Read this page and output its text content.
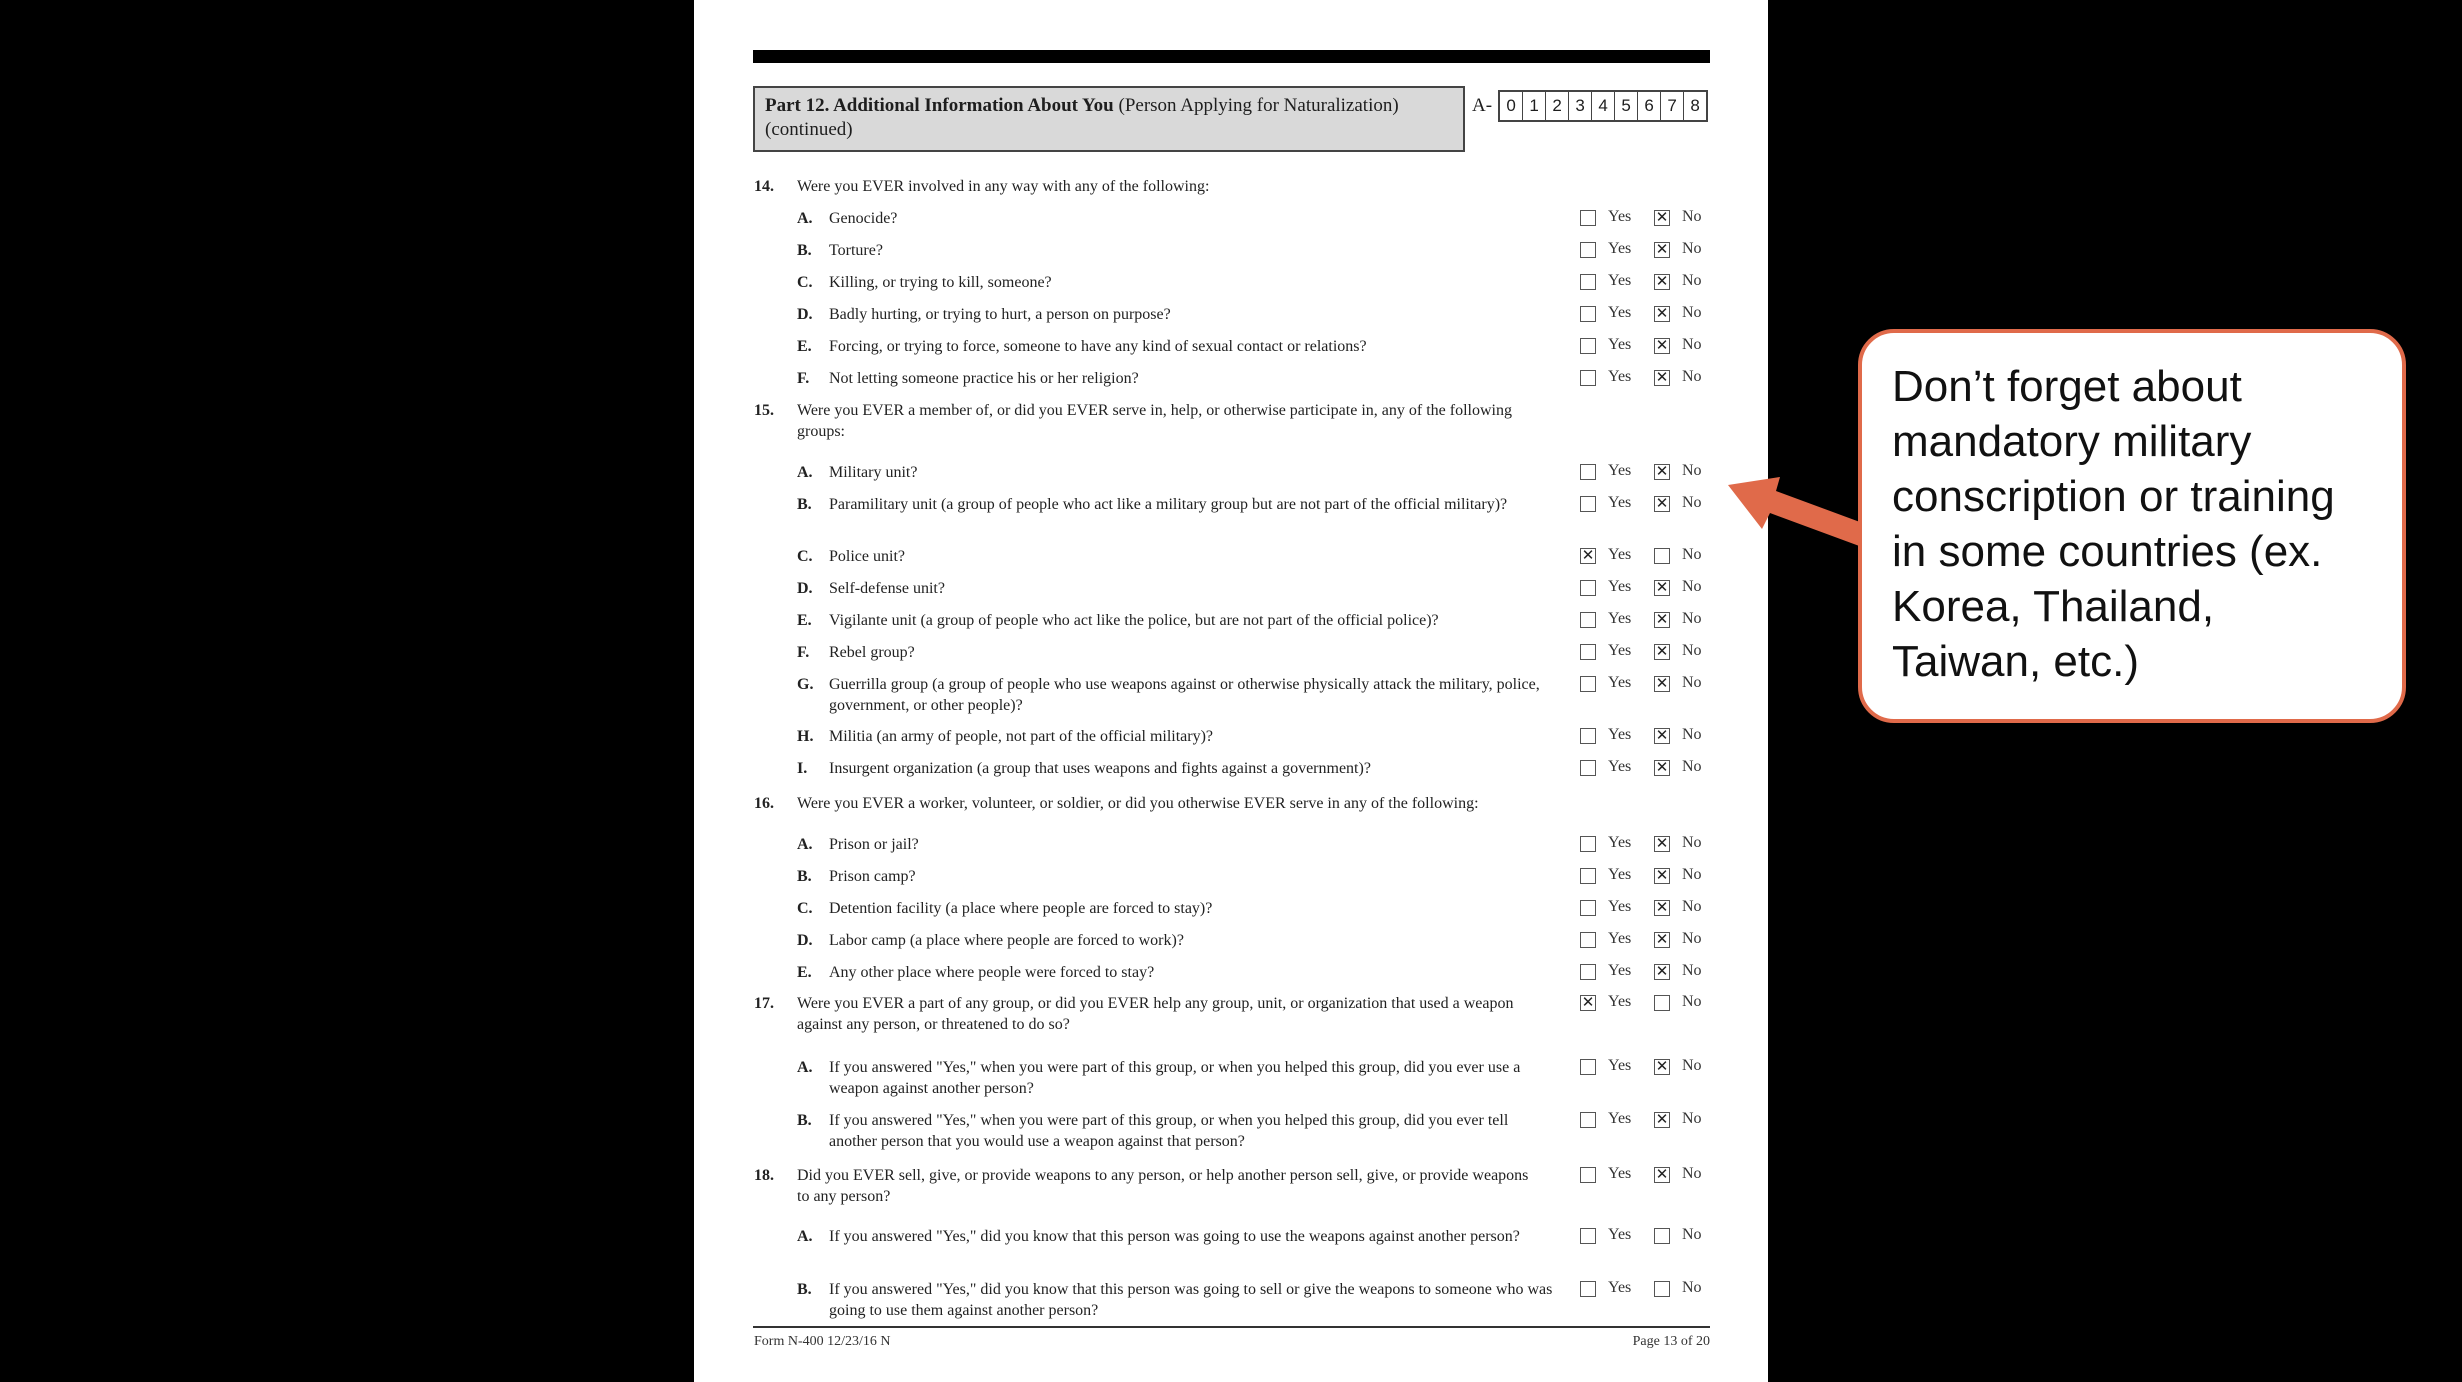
Part 12. Additional Information About You (Person Applying for Naturalization) (continued)
A- 0 1 2 3 4 5 6 7 8
14. Were you EVER involved in any way with any of the following:
A. Genocide?	Yes ✕ No
B. Torture?	Yes ✕ No
C. Killing, or trying to kill, someone?	Yes ✕ No
D. Badly hurting, or trying to hurt, a person on purpose?	Yes ✕ No
E. Forcing, or trying to force, someone to have any kind of sexual contact or relations?	Yes ✕ No
F. Not letting someone practice his or her religion?	Yes ✕ No
15. Were you EVER a member of, or did you EVER serve in, help, or otherwise participate in, any of the following groups:
A. Military unit?	Yes ✕ No
B. Paramilitary unit (a group of people who act like a military group but are not part of the official military)?	Yes ✕ No
C. Police unit?	✕ Yes	No
D. Self-defense unit?	Yes ✕ No
E. Vigilante unit (a group of people who act like the police, but are not part of the official police)?	Yes ✕ No
F. Rebel group?	Yes ✕ No
G. Guerrilla group (a group of people who use weapons against or otherwise physically attack the military, police, government, or other people)?
Yes ✕ No
H. Militia (an army of people, not part of the official military)?	Yes ✕ No
I. Insurgent organization (a group that uses weapons and fights against a government)?	Yes ✕ No
16. Were you EVER a worker, volunteer, or soldier, or did you otherwise EVER serve in any of the following:
A. Prison or jail?	Yes ✕ No
B. Prison camp?	Yes ✕ No
C. Detention facility (a place where people are forced to stay)?	Yes ✕ No
D. Labor camp (a place where people are forced to work)?	Yes ✕ No
E. Any other place where people were forced to stay?	Yes ✕ No
17. Were you EVER a part of any group, or did you EVER help any group, unit, or organization that used a weapon against any person, or threatened to do so?
✕ Yes	No
A. If you answered "Yes," when you were part of this group, or when you helped this group, did you ever use a weapon against another person?
Yes ✕ No
B. If you answered "Yes," when you were part of this group, or when you helped this group, did you ever tell another person that you would use a weapon against that person?
Yes ✕ No
18. Did you EVER sell, give, or provide weapons to any person, or help another person sell, give, or provide weapons to any person?
Yes ✕ No
A. If you answered "Yes," did you know that this person was going to use the weapons against another person?	Yes	No
B. If you answered "Yes," did you know that this person was going to sell or give the weapons to someone who was going to use them against another person?
Yes	No
Form N-400 12/23/16 N	Page 13 of 20
Don’t forget about mandatory military conscription or training in some countries (ex. Korea, Thailand, Taiwan, etc.)
